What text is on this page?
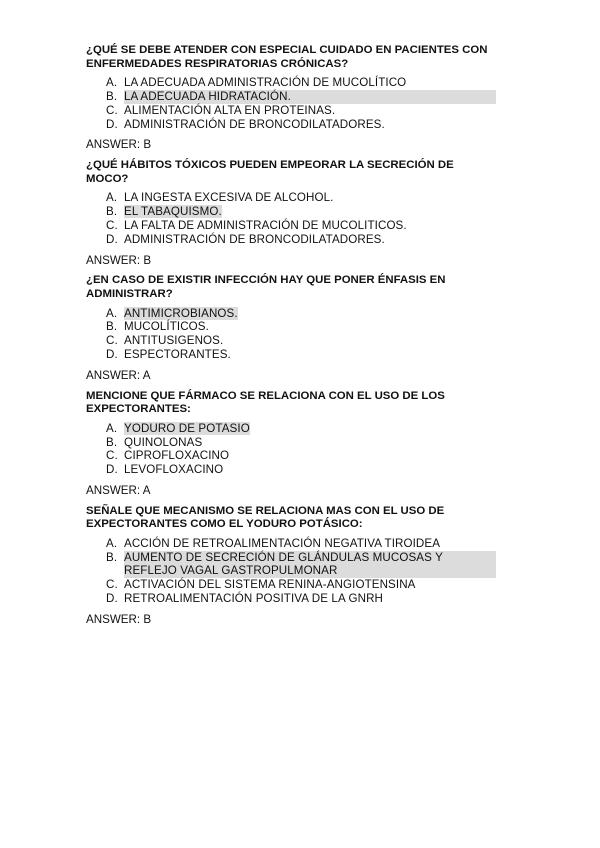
¿QUÉ SE DEBE ATENDER CON ESPECIAL CUIDADO EN PACIENTES CON ENFERMEDADES RESPIRATORIAS CRÓNICAS?

A. LA ADECUADA ADMINISTRACIÓN DE MUCOLÍTICO
B. LA ADECUADA HIDRATACIÓN.
C. ALIMENTACIÓN ALTA EN PROTEINAS.
D. ADMINISTRACIÓN DE BRONCODILATADORES.

ANSWER: B

¿QUÉ HÁBITOS TÓXICOS PUEDEN EMPEORAR LA SECRECIÓN DE MOCO?

A. LA INGESTA EXCESIVA DE ALCOHOL.
B. EL TABAQUISMO.
C. LA FALTA DE ADMINISTRACIÓN DE MUCOLITICOS.
D. ADMINISTRACIÓN DE BRONCODILATADORES.

ANSWER: B

¿EN CASO DE EXISTIR INFECCIÓN HAY QUE PONER ÉNFASIS EN ADMINISTRAR?

A. ANTIMICROBIANOS.
B. MUCOLÍTICOS.
C. ANTITUSIGENOS.
D. ESPECTORANTES.

ANSWER: A

MENCIONE QUE FÁRMACO SE RELACIONA CON EL USO DE LOS EXPECTORANTES:

A. YODURO DE POTASIO
B. QUINOLONAS
C. CIPROFLOXACINO
D. LEVOFLOXACINO

ANSWER: A

SEÑALE QUE MECANISMO SE RELACIONA MAS CON EL USO DE EXPECTORANTES COMO EL YODURO POTÁSICO:

A. ACCIÓN DE RETROALIMENTACIÓN NEGATIVA TIROIDEA
B. AUMENTO DE SECRECIÓN DE GLÁNDULAS MUCOSAS Y REFLEJO VAGAL GASTROPULMONAR
C. ACTIVACIÓN DEL SISTEMA RENINA-ANGIOTENSINA
D. RETROALIMENTACIÓN POSITIVA DE LA GNRH

ANSWER: B
